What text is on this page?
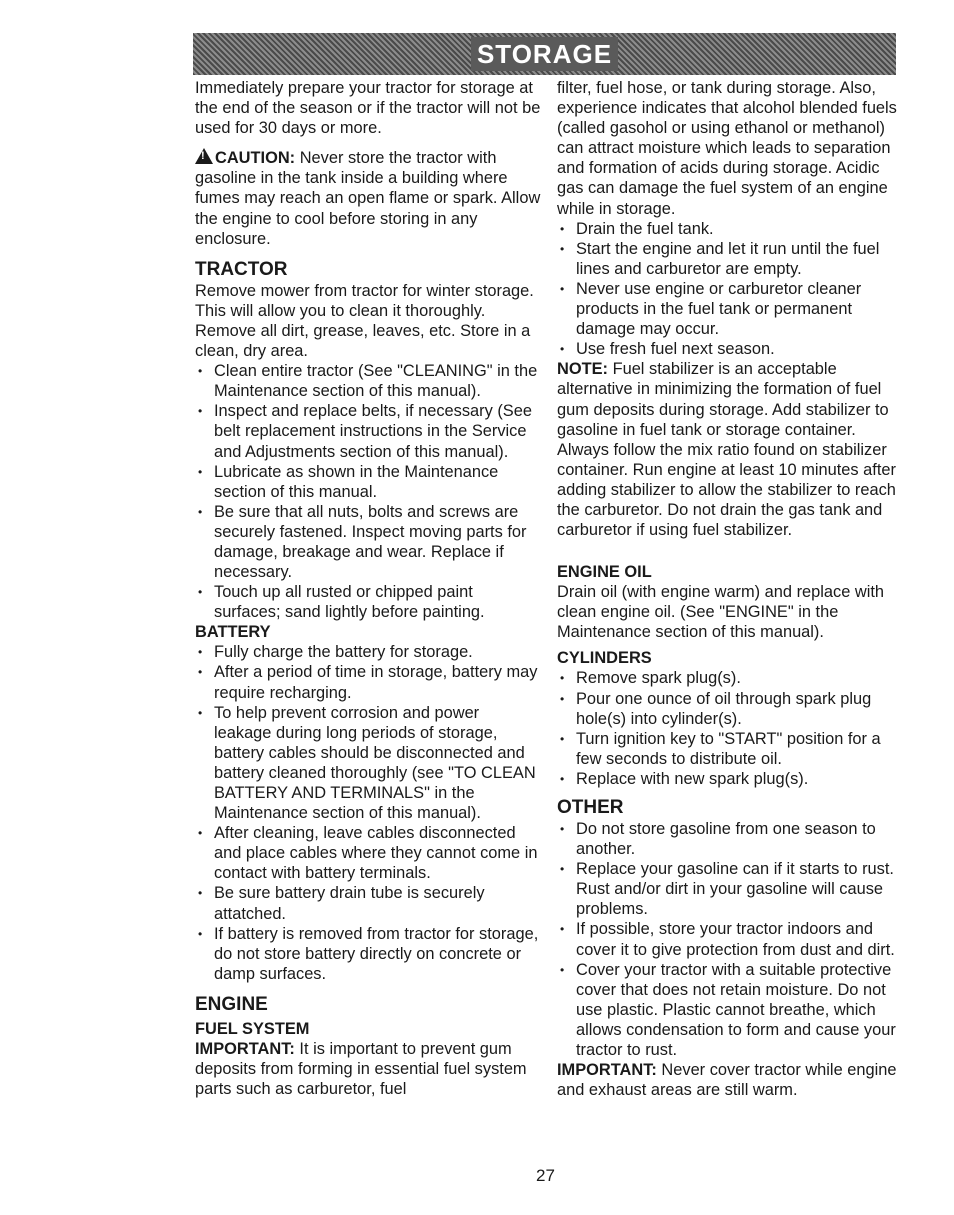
STORAGE

Immediately prepare your tractor for storage at the end of the season or if the tractor will not be used for 30 days or more.

!CAUTION: Never store the tractor with gasoline in the tank inside a building where fumes may reach an open flame or spark. Allow the engine to cool before storing in any enclosure.

TRACTOR

Remove mower from tractor for winter storage. This will allow you to clean it thoroughly. Remove all dirt, grease, leaves, etc. Store in a clean, dry area.

• Clean entire tractor (See "CLEANING" in the Maintenance section of this manual).
• Inspect and replace belts, if necessary (See belt replacement instructions in the Service and Adjustments section of this manual).
• Lubricate as shown in the Maintenance section of this manual.
• Be sure that all nuts, bolts and screws are securely fastened. Inspect moving parts for damage, breakage and wear. Replace if necessary.
• Touch up all rusted or chipped paint surfaces; sand lightly before painting.

BATTERY

• Fully charge the battery for storage.
• After a period of time in storage, battery may require recharging.
• To help prevent corrosion and power leakage during long periods of storage, battery cables should be disconnected and battery cleaned thoroughly (see "TO CLEAN BATTERY AND TERMINALS" in the Maintenance section of this manual).
• After cleaning, leave cables disconnected and place cables where they cannot come in contact with battery terminals.
• Be sure battery drain tube is securely attatched.
• If battery is removed from tractor for storage, do not store battery directly on concrete or damp surfaces.

ENGINE

FUEL SYSTEM

IMPORTANT: It is important to prevent gum deposits from forming in essential fuel system parts such as carburetor, fuel

filter, fuel hose, or tank during storage. Also, experience indicates that alcohol blended fuels (called gasohol or using ethanol or methanol) can attract moisture which leads to separation and formation of acids during storage. Acidic gas can damage the fuel system of an engine while in storage.

• Drain the fuel tank.
• Start the engine and let it run until the fuel lines and carburetor are empty.
• Never use engine or carburetor cleaner products in the fuel tank or permanent damage may occur.
• Use fresh fuel next season.

NOTE: Fuel stabilizer is an acceptable alternative in minimizing the formation of fuel gum deposits during storage. Add stabilizer to gasoline in fuel tank or storage container. Always follow the mix ratio found on stabilizer container. Run engine at least 10 minutes after adding stabilizer to allow the stabilizer to reach the carburetor. Do not drain the gas tank and carburetor if using fuel stabilizer.

ENGINE OIL

Drain oil (with engine warm) and replace with clean engine oil. (See "ENGINE" in the Maintenance section of this manual).

CYLINDERS

• Remove spark plug(s).
• Pour one ounce of oil through spark plug hole(s) into cylinder(s).
• Turn ignition key to "START" position for a few seconds to distribute oil.
• Replace with new spark plug(s).

OTHER

• Do not store gasoline from one season to another.
• Replace your gasoline can if it starts to rust. Rust and/or dirt in your gasoline will cause problems.
• If possible, store your tractor indoors and cover it to give protection from dust and dirt.
• Cover your tractor with a suitable protective cover that does not retain moisture. Do not use plastic. Plastic cannot breathe, which allows condensation to form and cause your tractor to rust.

IMPORTANT: Never cover tractor while engine and exhaust areas are still warm.

27
